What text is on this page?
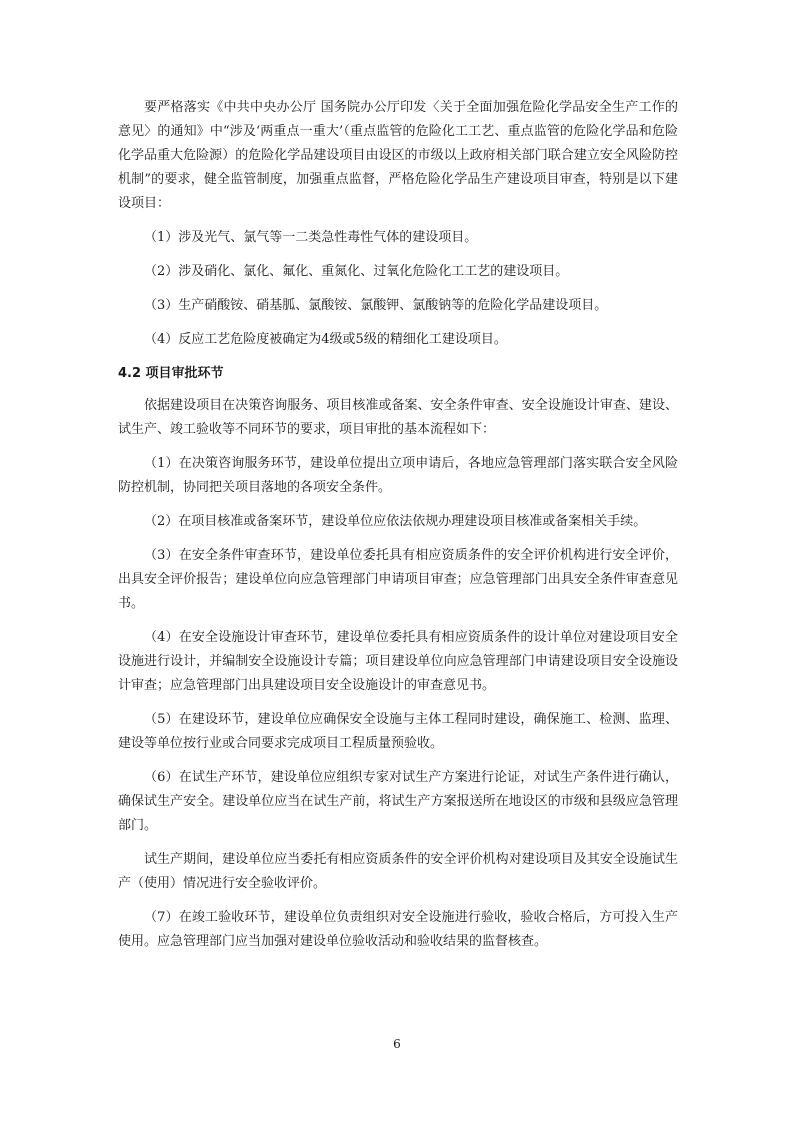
要严格落实《中共中央办公厅 国务院办公厅印发〈关于全面加强危险化学品安全生产工作的意见〉的通知》中“涉及‘两重点一重大’（重点监管的危险化工工艺、重点监管的危险化学品和危险化学品重大危险源）的危险化学品建设项目由设区的市级以上政府相关部门联合建立安全风险防控机制”的要求，健全监管制度，加强重点监督，严格危险化学品生产建设项目审查，特别是以下建设项目：

（1）涉及光气、氯气等一二类急性毒性气体的建设项目。

（2）涉及硝化、氯化、氟化、重氮化、过氧化危险化工工艺的建设项目。

（3）生产硝酸铵、硝基胍、氯酸铵、氯酸钾、氯酸钠等的危险化学品建设项目。

（4）反应工艺危险度被确定为4级或5级的精细化工建设项目。

4.2 项目审批环节

依据建设项目在决策咨询服务、项目核准或备案、安全条件审查、安全设施设计审查、建设、试生产、竣工验收等不同环节的要求，项目审批的基本流程如下：

（1）在决策咨询服务环节，建设单位提出立项申请后，各地应急管理部门落实联合安全风险防控机制，协同把关项目落地的各项安全条件。

（2）在项目核准或备案环节，建设单位应依法依规办理建设项目核准或备案相关手续。

（3）在安全条件审查环节，建设单位委托具有相应资质条件的安全评价机构进行安全评价，出具安全评价报告；建设单位向应急管理部门申请项目审查；应急管理部门出具安全条件审查意见书。

（4）在安全设施设计审查环节，建设单位委托具有相应资质条件的设计单位对建设项目安全设施进行设计，并编制安全设施设计专篇；项目建设单位向应急管理部门申请建设项目安全设施设计审查；应急管理部门出具建设项目安全设施设计的审查意见书。

（5）在建设环节，建设单位应确保安全设施与主体工程同时建设，确保施工、检测、监理、建设等单位按行业或合同要求完成项目工程质量预验收。

（6）在试生产环节，建设单位应组织专家对试生产方案进行论证，对试生产条件进行确认，确保试生产安全。建设单位应当在试生产前，将试生产方案报送所在地设区的市级和县级应急管理部门。

试生产期间，建设单位应当委托有相应资质条件的安全评价机构对建设项目及其安全设施试生产（使用）情况进行安全验收评价。

（7）在竣工验收环节，建设单位负责组织对安全设施进行验收，验收合格后，方可投入生产使用。应急管理部门应当加强对建设单位验收活动和验收结果的监督核查。

6
